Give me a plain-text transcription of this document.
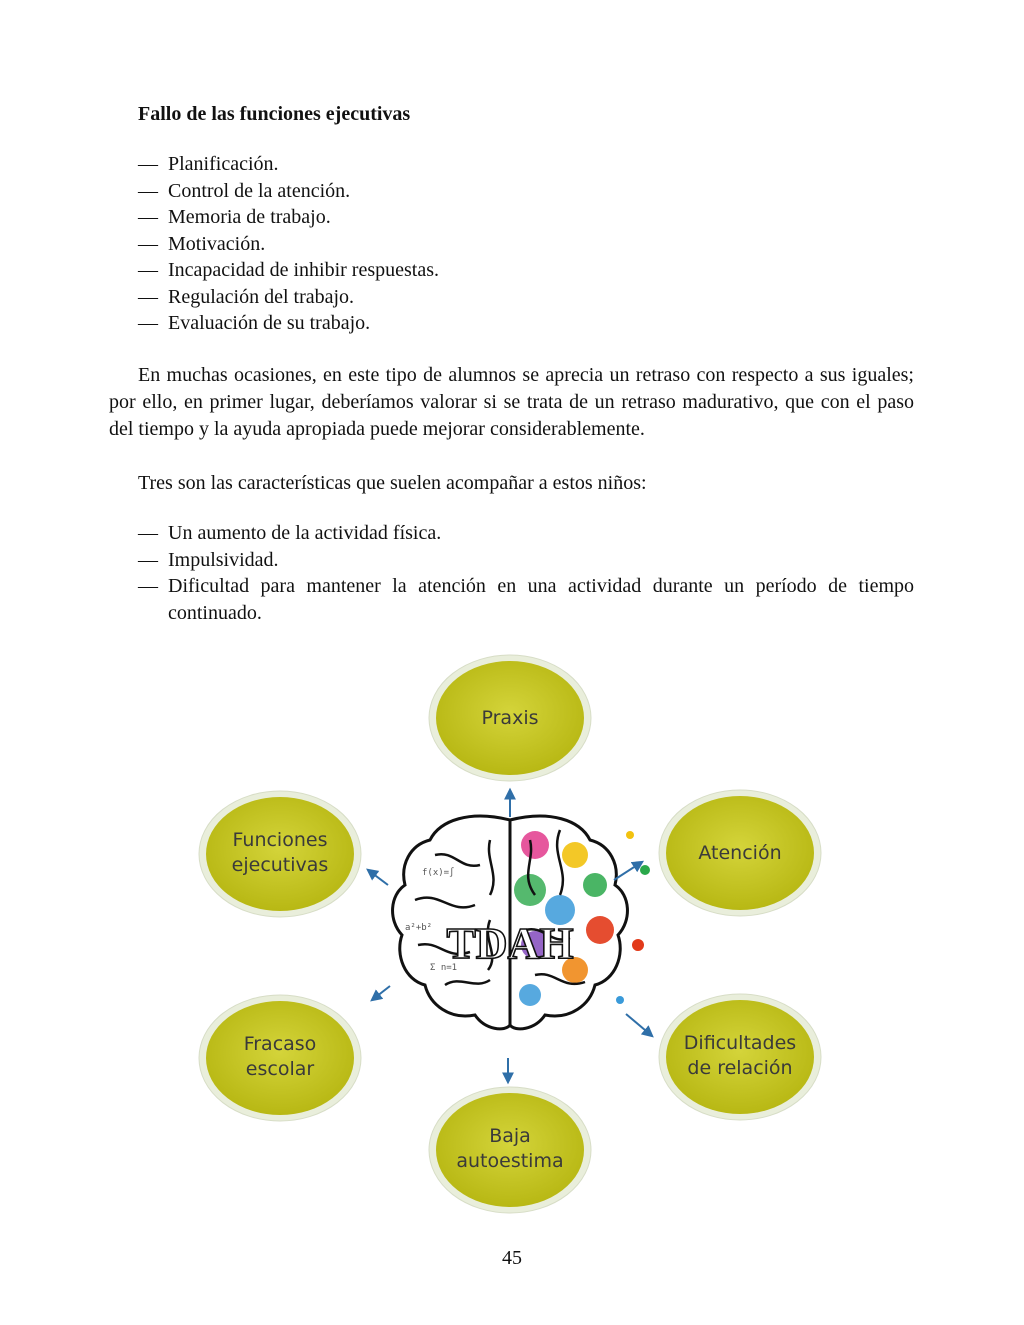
Fallo de las funciones ejecutivas
— Planificación.
— Control de la atención.
— Memoria de trabajo.
— Motivación.
— Incapacidad de inhibir respuestas.
— Regulación del trabajo.
— Evaluación de su trabajo.

En muchas ocasiones, en este tipo de alumnos se aprecia un retraso con respecto a sus iguales; por ello, en primer lugar, deberíamos valorar si se trata de un retraso madurativo, que con el paso del tiempo y la ayuda apropiada puede mejorar considerablemente.

Tres son las características que suelen acompañar a estos niños:

— Un aumento de la actividad física.
— Impulsividad.
— Dificultad para mantener la atención en una actividad durante un período de tiempo continuado.
f(x)=∫
a²+b²
Σ n=1
TDAH
Praxis
Atención
Dificultades
de relación
Baja
autoestima
Fracaso
escolar
Funciones
ejecutivas
45
